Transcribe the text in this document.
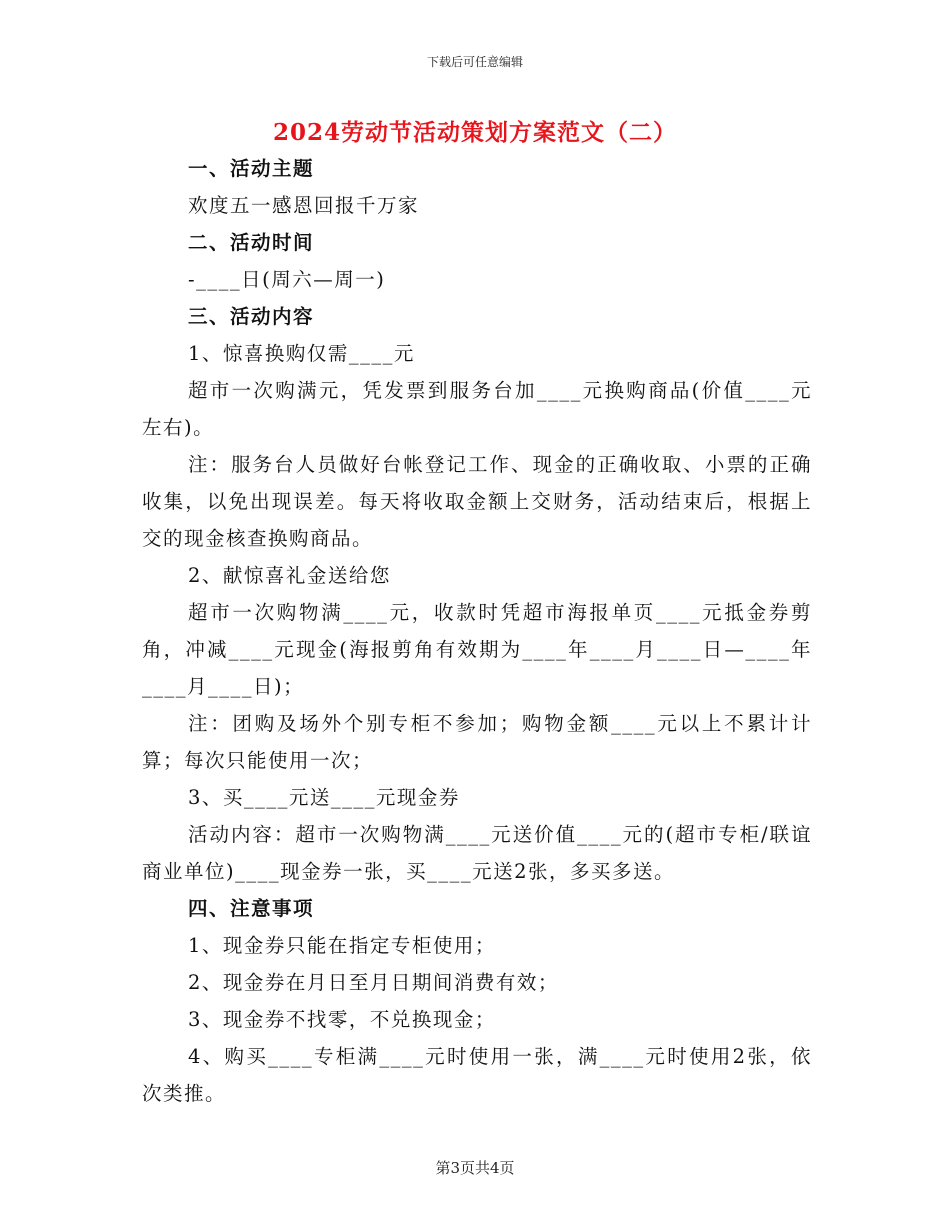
下载后可任意编辑
2024劳动节活动策划方案范文（二）

一、活动主题

欢度五一感恩回报千万家

二、活动时间

-____日(周六—周一)

三、活动内容

1、惊喜换购仅需____元

超市一次购满元，凭发票到服务台加____元换购商品(价值____元左右)。

注：服务台人员做好台帐登记工作、现金的正确收取、小票的正确收集，以免出现误差。每天将收取金额上交财务，活动结束后，根据上交的现金核查换购商品。

2、献惊喜礼金送给您

超市一次购物满____元，收款时凭超市海报单页____元抵金券剪角，冲减____元现金(海报剪角有效期为____年____月____日—____年____月____日)；

注：团购及场外个别专柜不参加；购物金额____元以上不累计计算；每次只能使用一次；

3、买____元送____元现金券

活动内容：超市一次购物满____元送价值____元的(超市专柜/联谊商业单位)____现金券一张，买____元送2张，多买多送。

四、注意事项

1、现金券只能在指定专柜使用；

2、现金券在月日至月日期间消费有效；

3、现金券不找零，不兑换现金；

4、购买____专柜满____元时使用一张，满____元时使用2张，依次类推。

第3页共4页
